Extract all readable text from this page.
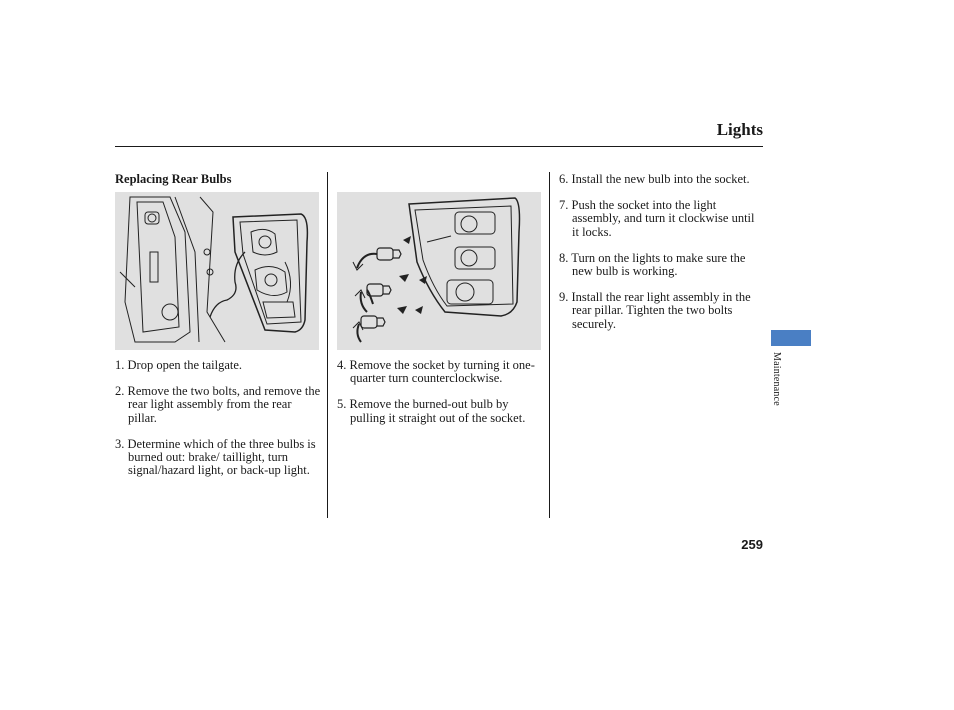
Lights
Replacing Rear Bulbs
1. Drop open the tailgate.
2. Remove the two bolts, and remove the rear light assembly from the rear pillar.
3. Determine which of the three bulbs is burned out: brake/ taillight, turn signal/hazard light, or back-up light.
4. Remove the socket by turning it one-quarter turn counterclockwise.
5. Remove the burned-out bulb by pulling it straight out of the socket.
6. Install the new bulb into the socket.
7. Push the socket into the light assembly, and turn it clockwise until it locks.
8. Turn on the lights to make sure the new bulb is working.
9. Install the rear light assembly in the rear pillar. Tighten the two bolts securely.
Maintenance
259
